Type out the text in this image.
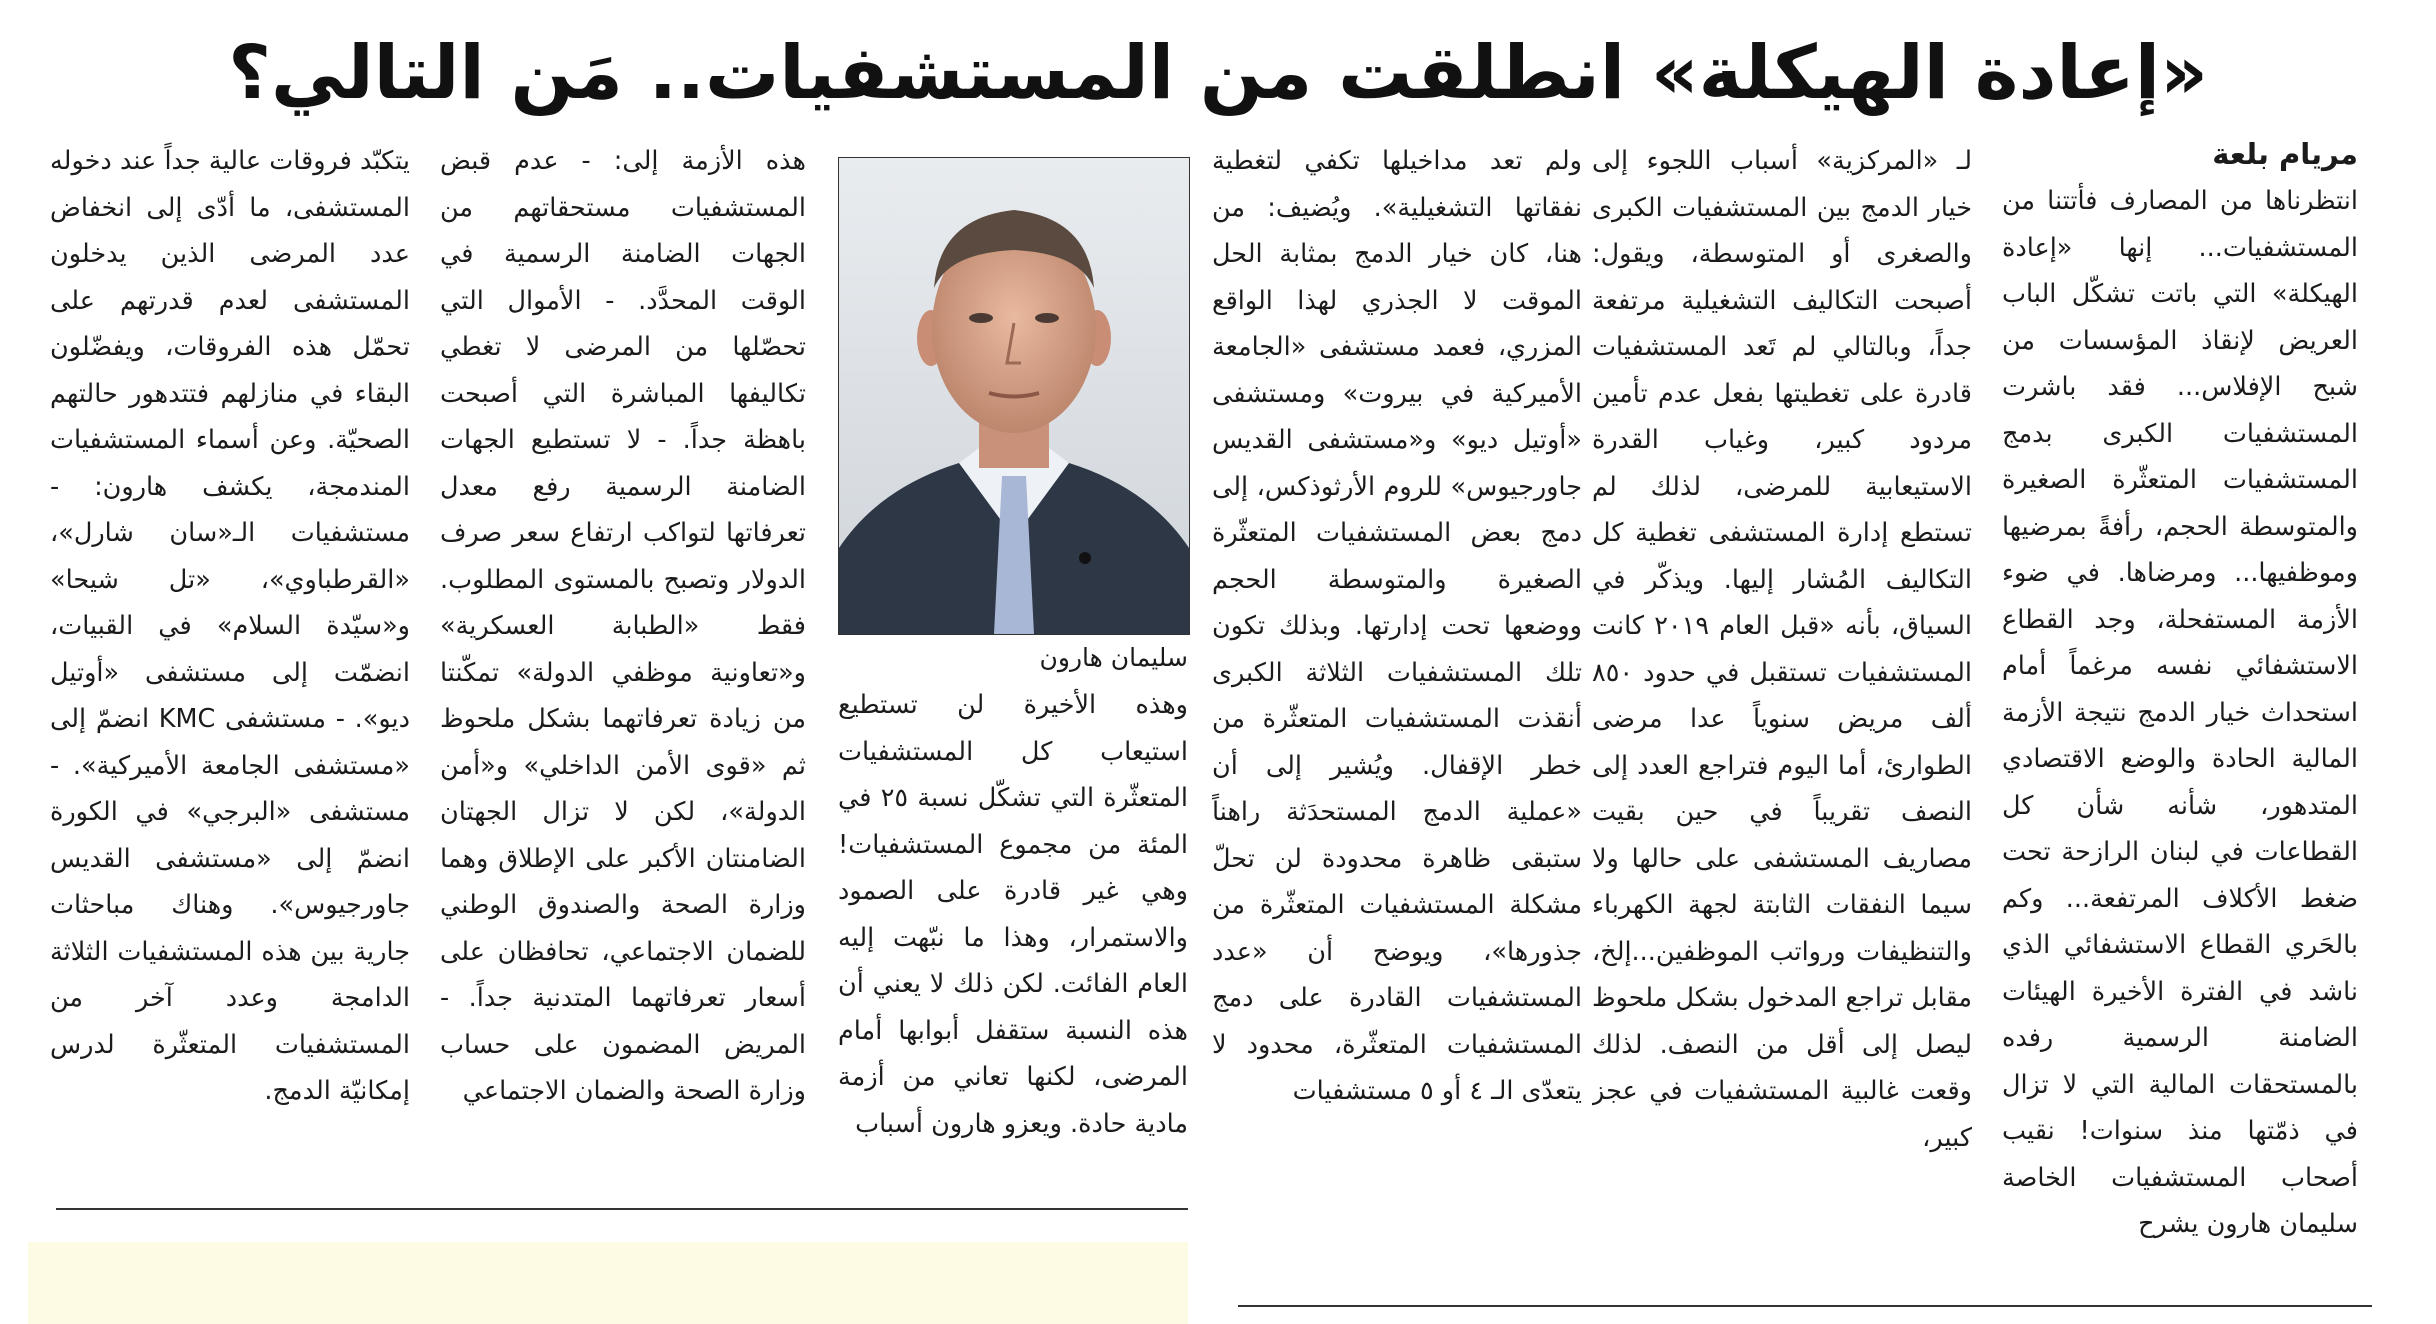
«إعادة الهيكلة» انطلقت من المستشفيات.. مَن التالي؟

مريام بلعة

انتظرناها من المصارف فأتتنا من المستشفيات... إنها «إعادة الهيكلة» التي باتت تشكّل الباب العريض لإنقاذ المؤسسات من شبح الإفلاس... فقد باشرت المستشفيات الكبرى بدمج المستشفيات المتعثّرة الصغيرة والمتوسطة الحجم، رأفةً بمرضيها وموظفيها... ومرضاها. في ضوء الأزمة المستفحلة، وجد القطاع الاستشفائي نفسه مرغماً أمام استحداث خيار الدمج نتيجة الأزمة المالية الحادة والوضع الاقتصادي المتدهور، شأنه شأن كل القطاعات في لبنان الرازحة تحت ضغط الأكلاف المرتفعة... وكم بالحَري القطاع الاستشفائي الذي ناشد في الفترة الأخيرة الهيئات الضامنة الرسمية رفده بالمستحقات المالية التي لا تزال في ذمّتها منذ سنوات! نقيب أصحاب المستشفيات الخاصة سليمان هارون يشرح

لـ «المركزية» أسباب اللجوء إلى خيار الدمج بين المستشفيات الكبرى والصغرى أو المتوسطة، ويقول: أصبحت التكاليف التشغيلية مرتفعة جداً، وبالتالي لم تَعد المستشفيات قادرة على تغطيتها بفعل عدم تأمين مردود كبير، وغياب القدرة الاستيعابية للمرضى، لذلك لم تستطع إدارة المستشفى تغطية كل التكاليف المُشار إليها. ويذكّر في السياق، بأنه «قبل العام ٢٠١٩ كانت المستشفيات تستقبل في حدود ٨٥٠ ألف مريض سنوياً عدا مرضى الطوارئ، أما اليوم فتراجع العدد إلى النصف تقريباً في حين بقيت مصاريف المستشفى على حالها ولا سيما النفقات الثابتة لجهة الكهرباء والتنظيفات ورواتب الموظفين...إلخ، مقابل تراجع المدخول بشكل ملحوظ ليصل إلى أقل من النصف. لذلك وقعت غالبية المستشفيات في عجز كبير،

ولم تعد مداخيلها تكفي لتغطية نفقاتها التشغيلية». ويُضيف: من هنا، كان خيار الدمج بمثابة الحل الموقت لا الجذري لهذا الواقع المزري، فعمد مستشفى «الجامعة الأميركية في بيروت» ومستشفى «أوتيل ديو» و«مستشفى القديس جاورجيوس» للروم الأرثوذكس، إلى دمج بعض المستشفيات المتعثّرة الصغيرة والمتوسطة الحجم ووضعها تحت إدارتها. وبذلك تكون تلك المستشفيات الثلاثة الكبرى أنقذت المستشفيات المتعثّرة من خطر الإقفال. ويُشير إلى أن «عملية الدمج المستحدَثة راهناً ستبقى ظاهرة محدودة لن تحلّ مشكلة المستشفيات المتعثّرة من جذورها»، ويوضح أن «عدد المستشفيات القادرة على دمج المستشفيات المتعثّرة، محدود لا يتعدّى الـ ٤ أو ٥ مستشفيات

سليمان هارون

وهذه الأخيرة لن تستطيع استيعاب كل المستشفيات المتعثّرة التي تشكّل نسبة ٢٥ في المئة من مجموع المستشفيات! وهي غير قادرة على الصمود والاستمرار، وهذا ما نبّهت إليه العام الفائت. لكن ذلك لا يعني أن هذه النسبة ستقفل أبوابها أمام المرضى، لكنها تعاني من أزمة مادية حادة. ويعزو هارون أسباب

هذه الأزمة إلى: - عدم قبض المستشفيات مستحقاتهم من الجهات الضامنة الرسمية في الوقت المحدَّد. - الأموال التي تحصّلها من المرضى لا تغطي تكاليفها المباشرة التي أصبحت باهظة جداً. - لا تستطيع الجهات الضامنة الرسمية رفع معدل تعرفاتها لتواكب ارتفاع سعر صرف الدولار وتصبح بالمستوى المطلوب. فقط «الطبابة العسكرية» و«تعاونية موظفي الدولة» تمكّنتا من زيادة تعرفاتهما بشكل ملحوظ ثم «قوى الأمن الداخلي» و«أمن الدولة»، لكن لا تزال الجهتان الضامنتان الأكبر على الإطلاق وهما وزارة الصحة والصندوق الوطني للضمان الاجتماعي، تحافظان على أسعار تعرفاتهما المتدنية جداً. - المريض المضمون على حساب وزارة الصحة والضمان الاجتماعي

يتكبّد فروقات عالية جداً عند دخوله المستشفى، ما أدّى إلى انخفاض عدد المرضى الذين يدخلون المستشفى لعدم قدرتهم على تحمّل هذه الفروقات، ويفضّلون البقاء في منازلهم فتتدهور حالتهم الصحيّة. وعن أسماء المستشفيات المندمجة، يكشف هارون: - مستشفيات الـ«سان شارل»، «القرطباوي»، «تل شيحا» و«سيّدة السلام» في القبيات، انضمّت إلى مستشفى «أوتيل ديو». - مستشفى KMC انضمّ إلى «مستشفى الجامعة الأميركية». - مستشفى «البرجي» في الكورة انضمّ إلى «مستشفى القديس جاورجيوس». وهناك مباحثات جارية بين هذه المستشفيات الثلاثة الدامجة وعدد آخر من المستشفيات المتعثّرة لدرس إمكانيّة الدمج.
